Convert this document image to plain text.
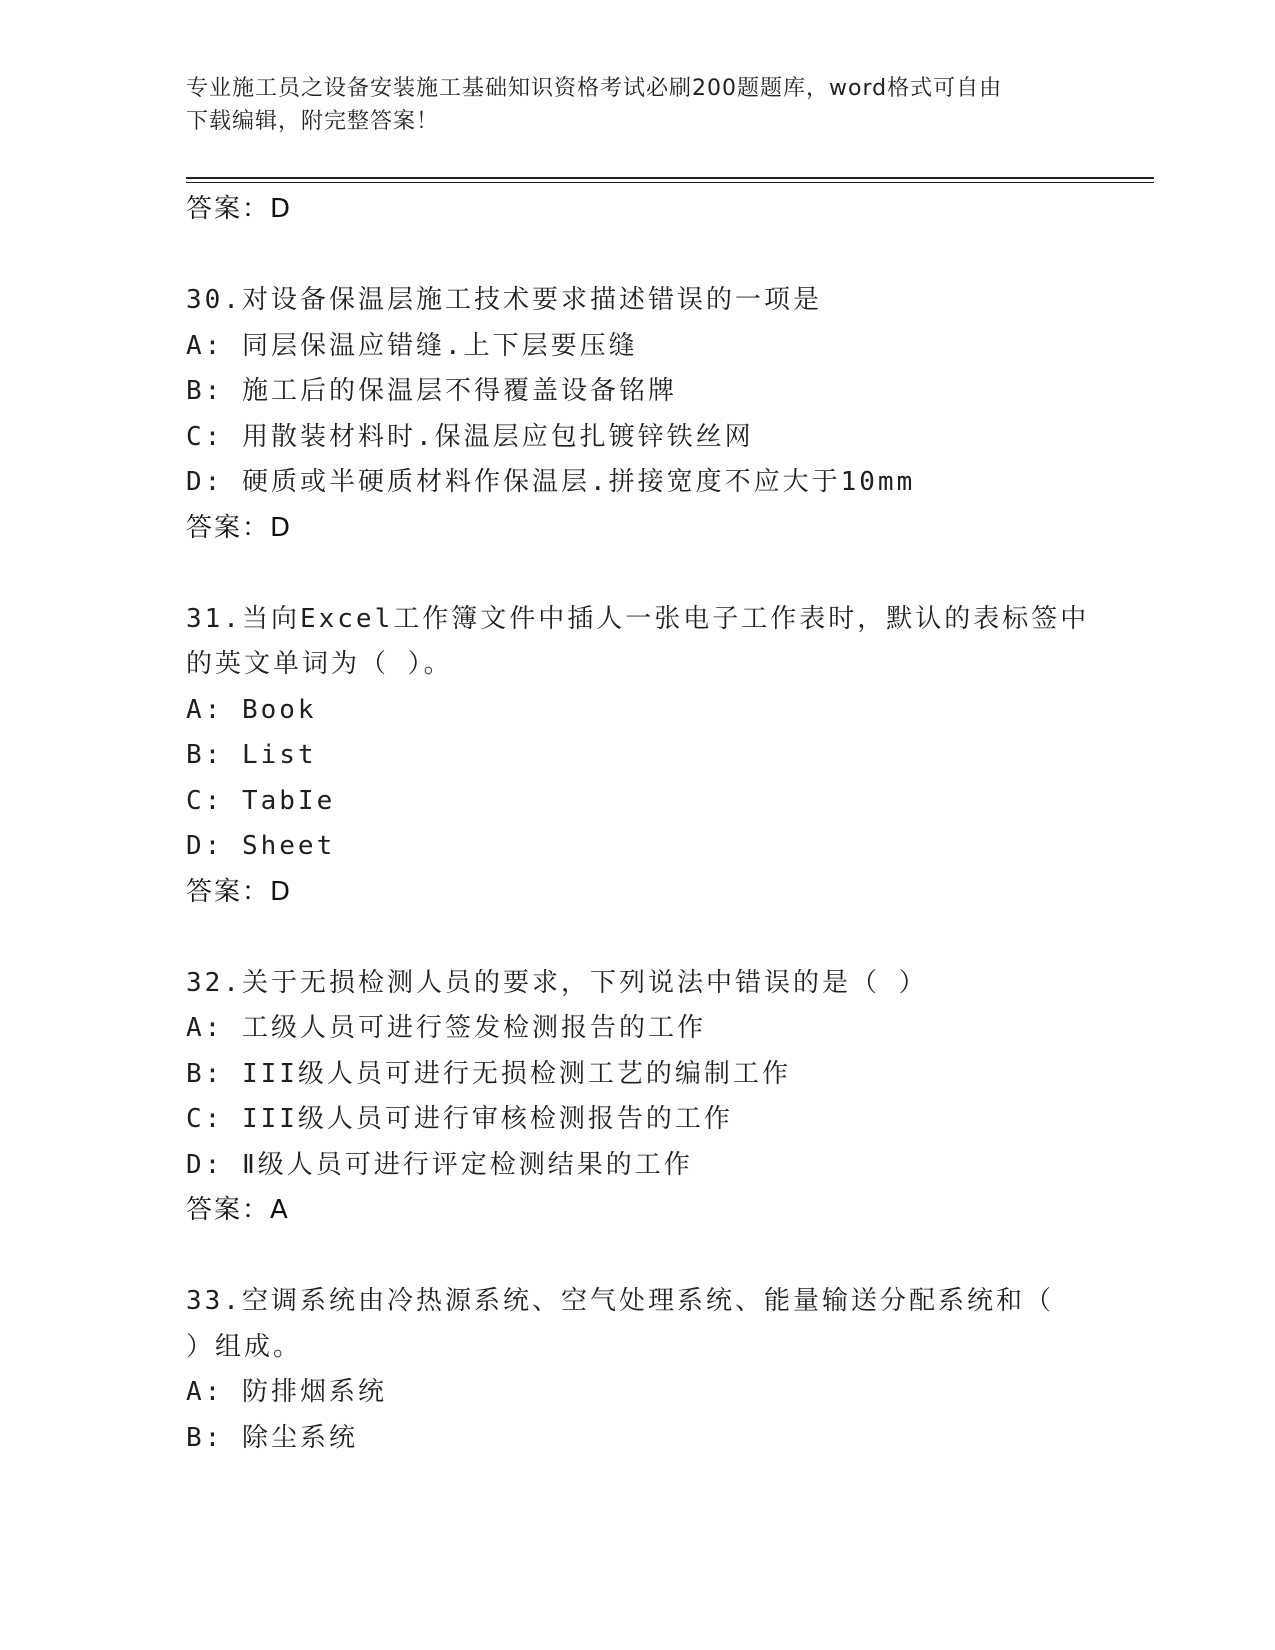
专业施工员之设备安装施工基础知识资格考试必刷200题题库，word格式可自由
下载编辑，附完整答案！
答案：D
30.对设备保温层施工技术要求描述错误的一项是
A: 同层保温应错缝.上下层要压缝
B: 施工后的保温层不得覆盖设备铭牌
C: 用散装材料时.保温层应包扎镀锌铁丝网
D: 硬质或半硬质材料作保温层.拼接宽度不应大于10mm
答案：D
31.当向Excel工作簿文件中插人一张电子工作表时，默认的表标签中
的英文单词为（ ）。
A: Book
B: List
C: TabIe
D: Sheet
答案：D
32.关于无损检测人员的要求，下列说法中错误的是（ ）
A: 工级人员可进行签发检测报告的工作
B: III级人员可进行无损检测工艺的编制工作
C: III级人员可进行审核检测报告的工作
D: Ⅱ级人员可进行评定检测结果的工作
答案：A
33.空调系统由冷热源系统、空气处理系统、能量输送分配系统和（
）组成。
A: 防排烟系统
B: 除尘系统
